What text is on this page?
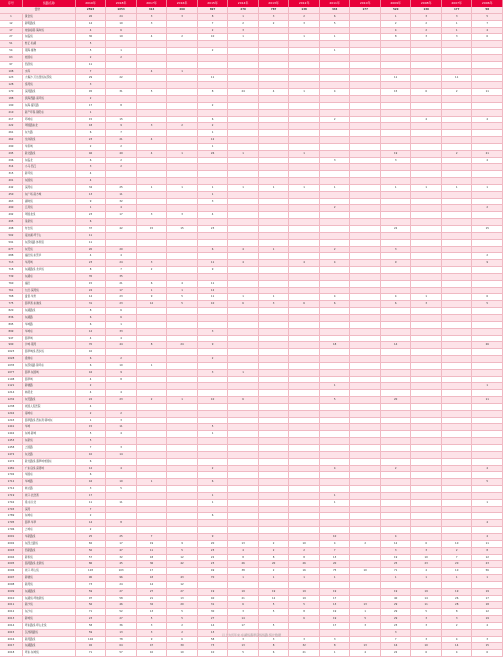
序号	线路名称	2019年	2018年	2017年	2016年	2015年	2014年	2013年	2012年	2011年	2010年	2009年	2008年	2007年	2006年
合计		2593	1653	414	299	897	270	787	138	344	177	520	136	177	58
1	黄金线	26	24	3	3	8	1	3	2	6		1	3	3	5
12	新明路线	14	10	3		7	2	2	3	5		2	2	1	7
17	地铁接驳·海岸线	4	6			2	3					4	2	1	4
27	东临线	30	19	4	2	10	1		1	1		8	3	3	6
51	转正·仙湖	5													
54	观海·植物	5	1			2				1					
63	桂园东	2	2												
97	西沥线	11													
108	水库	7		4	1										
123	大梅沙·万达西线东部线	29	22			11						11		11	
128	泰湾线	3													
170	深湾路线	45	31	5		8	24	4	1	4		15	6	2	11
188	滨海西路·南环线	2													
190	东海·富民路	17	8			2									
210	新产环保·锦阳东	1													
217	环城东	15	15			6				2			4		4
222	翠园路东北	18	9	3	2	2									
261	东方路	6	7			1									
262	龙岗新线	23	21	4		12									
290	华侨城	2	2			1									
295	新北路线	46	49	4	1	26	1		1			19		2	21
296	东临北	6	2							3		3			4
314	小马·西江	3	2												
315	新环线	4													
401	东园线	4													
442	深湾东	34	25	1	1	1	1	1	1	1		1	1	1	1
450	东广场·南方城	13	11			1									
463	湖坳线	9	32			3									
490	五局线	1	4							2					2
492	翠园北线	23	17	3	3	4									
495	景新线	6													
498	布吉线	37	42	15	15	23						22			15
502	南边湖·坪子山	11													
591	东部线路·体育馆	11													
677	东莞线	20	20			6	4	1		2		3			
688	福田线·东莞华	4	4												2
713	华湾城	23	24	3		11	4		4	4		9			9
718	东湖路线·龙华线	8	7	2		9									
739	东湖东	35	35												
760	福田	15	21	6	4	11									
761	九田·深湾线	24	17	1	1	12									
768	童香·华州	14	23	9	5	11	1	1		4		4	1		6
775	翡翠湾·东港线	31	23	12	5	10	6	3	6	6		6	3		5
820	东湖路线	8	6												
836	东湖路	6	6												
895	华城路	6	1												
899	华城东	12	33			3									
947	翡翠城	4	4												
990	沙城·观湾	70	44	8	24	9				18		14			26
1023	翡翠城线·西乡线	10													
1028	香港东	6	2			2									
1035	东部线路·锦环东	6	10	1											
1077	翡翠·东园城	16	9			3	1								
1108	翡翠城	4	8												
1121	新塘路	2								1					1
1214	林荫北	4	4												
1232	东莞路线	22	23	2	1	10	6			5		20			11
1238	坑园人民医院	4													
1242	南城东	2	2												
1243	翡翠路线·西东湾·锦城东	1	3												
1441	华城	15	11			5									
1442	东城·新城	5	4			1									
1453	东新线	5													
1458	之园路	7	3												
1472	东北路	10	14												
1474	新龙路线·翡翠城市园东	6													
1481	广东沿线·深湾城	12	4			2				4		2			4
1702	华园东	6													
1712	华城路	16	10	1		6									5
1712	林达路	3	5												
1719	坑口·北浩湾	17				1				1					
1742	梁·东片北	11	11			1				1					1
1745	深湾	7													
1789	东城东	2				6									
1795	翡翠·华翠	14	8												4
1796	之城东	2													
2001	华新路线	25	25	7		9				10		4			4
2002	东西之路线	82	17	19	9	20	13	2	10	4	2	12	6	10	11
2003	西新路线	50	47	11	5	23	4	2	2	7		3	3	2	8
2004	新和线	57	32	18	12	22	8	8	8	13		19	10	7	12
2005	翡湾路线·北新线	86	45	36	42	23	26	20	26	20		25	23	20	23
2006	坑口·坪山线	103	103	17		49	38	2	16	75	10	71	4	10	56
2007	新塘线	90	96	43	43	70	1	1	1	1		1	1	1	1
2008	新湾线	73	24	14	12										
2009	东湖路线	59	27	27	27	19	19	19	19	19		19	19	19	19
2010	东湖线·坪地新线	97	58	21	13	40	21	12	19	17		40	14	26	17
2011	新沙线	56	46	32	20	31	6	5	5	13	13	29	11	28	18
2012	东沙东	71	52	13	5	30	3	5	8	19	1	29	5	8	12
2013	新城线	23	27	5	5	27	14		6	19	5	29	3	3	19
2014	坪东路线·坪山北线	58	36	3	2	14	17	5		17	3	23	3	2	4
2015	瓦洲新路线	59	13	3	2	13						3			
2016	新湾路线	104	78	9	6	58	3	3	3	3		7	3	4	3
2017	东湖路线	92	64	47	39	73	13	8	32	8	13	16	10	14	15
2018	坪东·东城线	71	57	10	10	10	5	6	21	1	4	22	6	4	6
以上为历年来·东湖线翡翠沿线线路·统计数据
